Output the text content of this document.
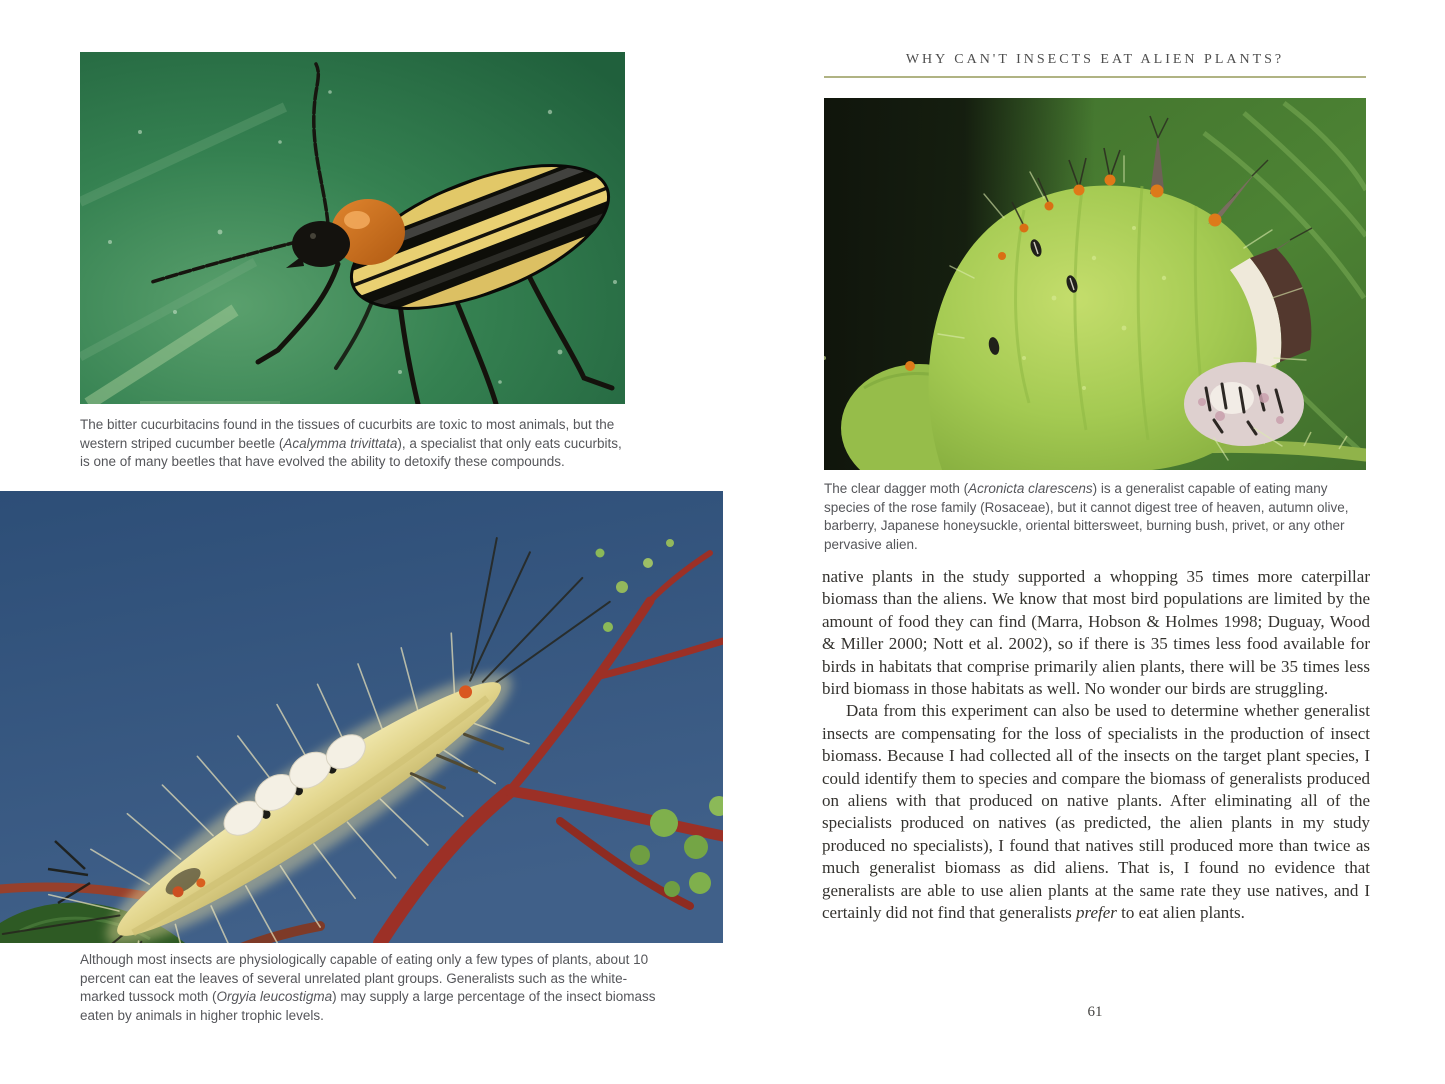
The bitter cucurbitacins found in the tissues of cucurbits are toxic to most animals, but the western striped cucumber beetle (Acalymma trivittata), a specialist that only eats cucurbits, is one of many beetles that have evolved the ability to detoxify these compounds.
Although most insects are physiologically capable of eating only a few types of plants, about 10 percent can eat the leaves of several unrelated plant groups. Generalists such as the white-marked tussock moth (Orgyia leucostigma) may supply a large percentage of the insect biomass eaten by animals in higher trophic levels.
WHY CAN'T INSECTS EAT ALIEN PLANTS?
The clear dagger moth (Acronicta clarescens) is a generalist capable of eating many species of the rose family (Rosaceae), but it cannot digest tree of heaven, autumn olive, barberry, Japanese honeysuckle, oriental bittersweet, burning bush, privet, or any other pervasive alien.

native plants in the study supported a whopping 35 times more caterpillar biomass than the aliens. We know that most bird populations are limited by the amount of food they can find (Marra, Hobson & Holmes 1998; Duguay, Wood & Miller 2000; Nott et al. 2002), so if there is 35 times less food available for birds in habitats that comprise primarily alien plants, there will be 35 times less bird biomass in those habitats as well. No wonder our birds are struggling.

Data from this experiment can also be used to determine whether generalist insects are compensating for the loss of specialists in the production of insect biomass. Because I had collected all of the insects on the target plant species, I could identify them to species and compare the biomass of generalists produced on aliens with that produced on native plants. After eliminating all of the specialists produced on natives (as predicted, the alien plants in my study produced no specialists), I found that natives still produced more than twice as much generalist biomass as did aliens. That is, I found no evidence that generalists are able to use alien plants at the same rate they use natives, and I certainly did not find that generalists prefer to eat alien plants.

61
